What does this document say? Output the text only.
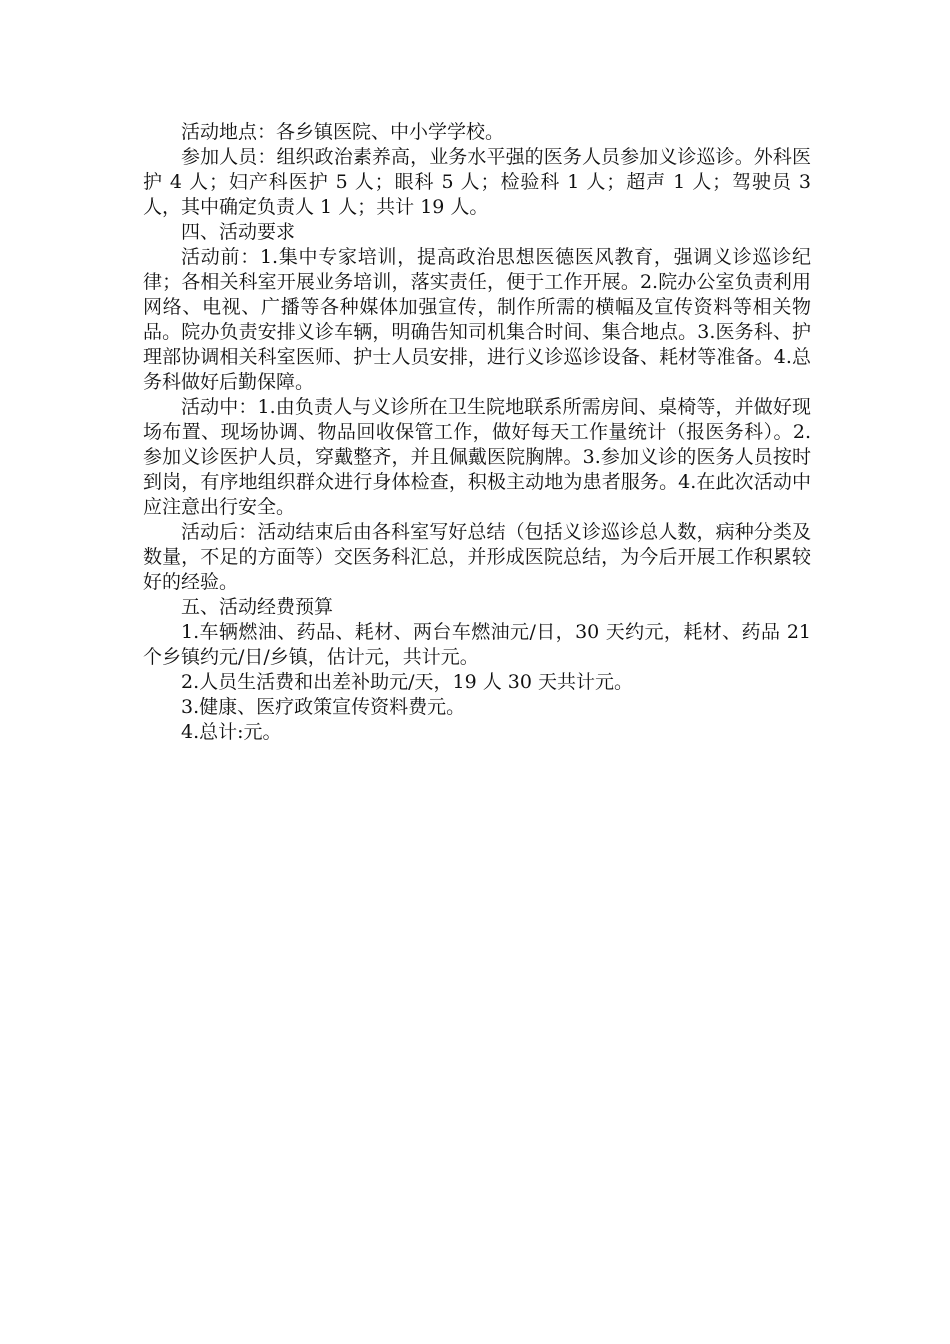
活动地点：各乡镇医院、中小学学校。

参加人员：组织政治素养高，业务水平强的医务人员参加义诊巡诊。外科医护 4 人；妇产科医护 5 人；眼科 5 人；检验科 1 人；超声 1 人；驾驶员 3 人，其中确定负责人 1 人；共计 19 人。

四、活动要求

活动前：1.集中专家培训，提高政治思想医德医风教育，强调义诊巡诊纪律；各相关科室开展业务培训，落实责任，便于工作开展。2.院办公室负责利用网络、电视、广播等各种媒体加强宣传，制作所需的横幅及宣传资料等相关物品。院办负责安排义诊车辆，明确告知司机集合时间、集合地点。3.医务科、护理部协调相关科室医师、护士人员安排，进行义诊巡诊设备、耗材等准备。4.总务科做好后勤保障。

活动中：1.由负责人与义诊所在卫生院地联系所需房间、桌椅等，并做好现场布置、现场协调、物品回收保管工作，做好每天工作量统计（报医务科）。2.参加义诊医护人员，穿戴整齐，并且佩戴医院胸牌。3.参加义诊的医务人员按时到岗，有序地组织群众进行身体检查，积极主动地为患者服务。4.在此次活动中应注意出行安全。

活动后：活动结束后由各科室写好总结（包括义诊巡诊总人数，病种分类及数量，不足的方面等）交医务科汇总，并形成医院总结，为今后开展工作积累较好的经验。

五、活动经费预算

1.车辆燃油、药品、耗材、两台车燃油元/日，30 天约元，耗材、药品 21 个乡镇约元/日/乡镇，估计元，共计元。

2.人员生活费和出差补助元/天，19 人 30 天共计元。

3.健康、医疗政策宣传资料费元。

4.总计:元。
